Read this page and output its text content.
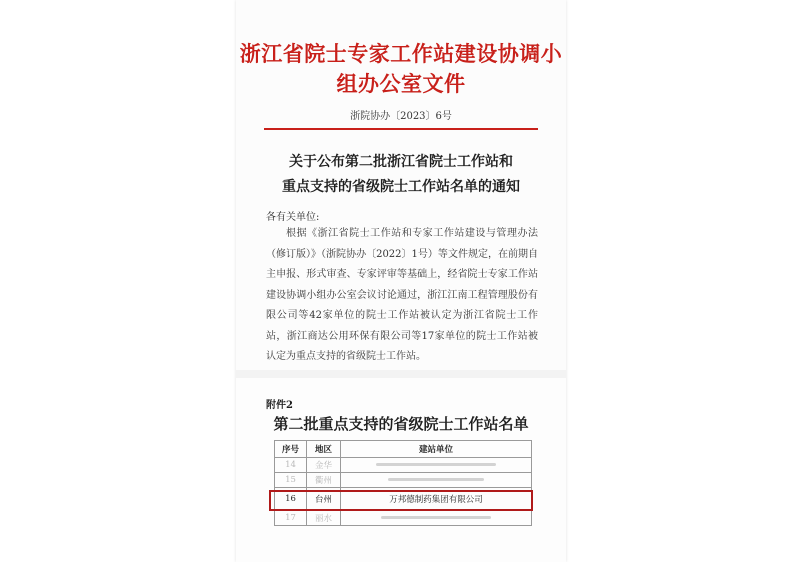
浙江省院士专家工作站建设协调小组办公室文件
浙院协办〔2023〕6号
关于公布第二批浙江省院士工作站和
重点支持的省级院士工作站名单的通知
各有关单位:
根据《浙江省院士工作站和专家工作站建设与管理办法（修订版）》（浙院协办〔2022〕1号）等文件规定，在前期自主申报、形式审查、专家评审等基础上，经省院士专家工作站建设协调小组办公室会议讨论通过，浙江江南工程管理股份有限公司等42家单位的院士工作站被认定为浙江省院士工作站，浙江商达公用环保有限公司等17家单位的院士工作站被认定为重点支持的省级院士工作站。
附件2
第二批重点支持的省级院士工作站名单
序号	地区	建站单位
14	金华	
15	衢州	
16	台州	万邦德制药集团有限公司
17	丽水	
